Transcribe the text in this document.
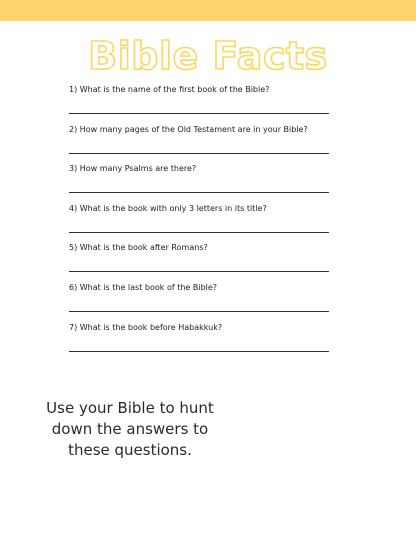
Bible Facts
1) What is the name of the first book of the Bible?
2) How many pages of the Old Testament are in your Bible?
3) How many Psalms are there?
4) What is the book with only 3 letters in its title?
5) What is the book after Romans?
6) What is the last book of the Bible?
7) What is the book before Habakkuk?

Use your Bible to hunt
down the answers to
these questions.
